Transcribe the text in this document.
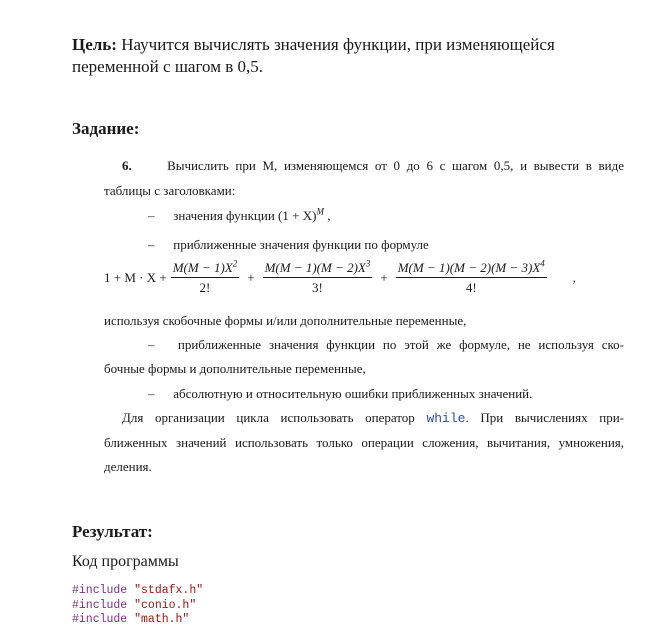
Цель: Научится вычислять значения функции, при изменяющейся
переменной с шагом в 0,5.
Задание:
6.	Вычислить при М, изменяющемся от 0 до 6 с шагом 0,5, и вывести в виде
таблицы с заголовками:
– значения функции $(1 + X)^M$ ,
– приближенные значения функции по формуле
$1 + M \cdot X + \frac{M(M - 1)X^2}{2!} + \frac{M(M - 1)(M - 2)X^3}{3!} + \frac{M(M - 1)(M - 2)(M - 3)X^4}{4!}$ ,
используя скобочные формы и/или дополнительные переменные,
– приближенные значения функции по этой же формуле, не используя ско-
бочные формы и дополнительные переменные,
– абсолютную и относительную ошибки приближенных значений.
Для организации цикла использовать оператор while. При вычислениях при-
ближенных значений использовать только операции сложения, вычитания, умножения,
деления.
Результат:
Код программы
#include "stdafx.h"
#include "conio.h"
#include "math.h"
